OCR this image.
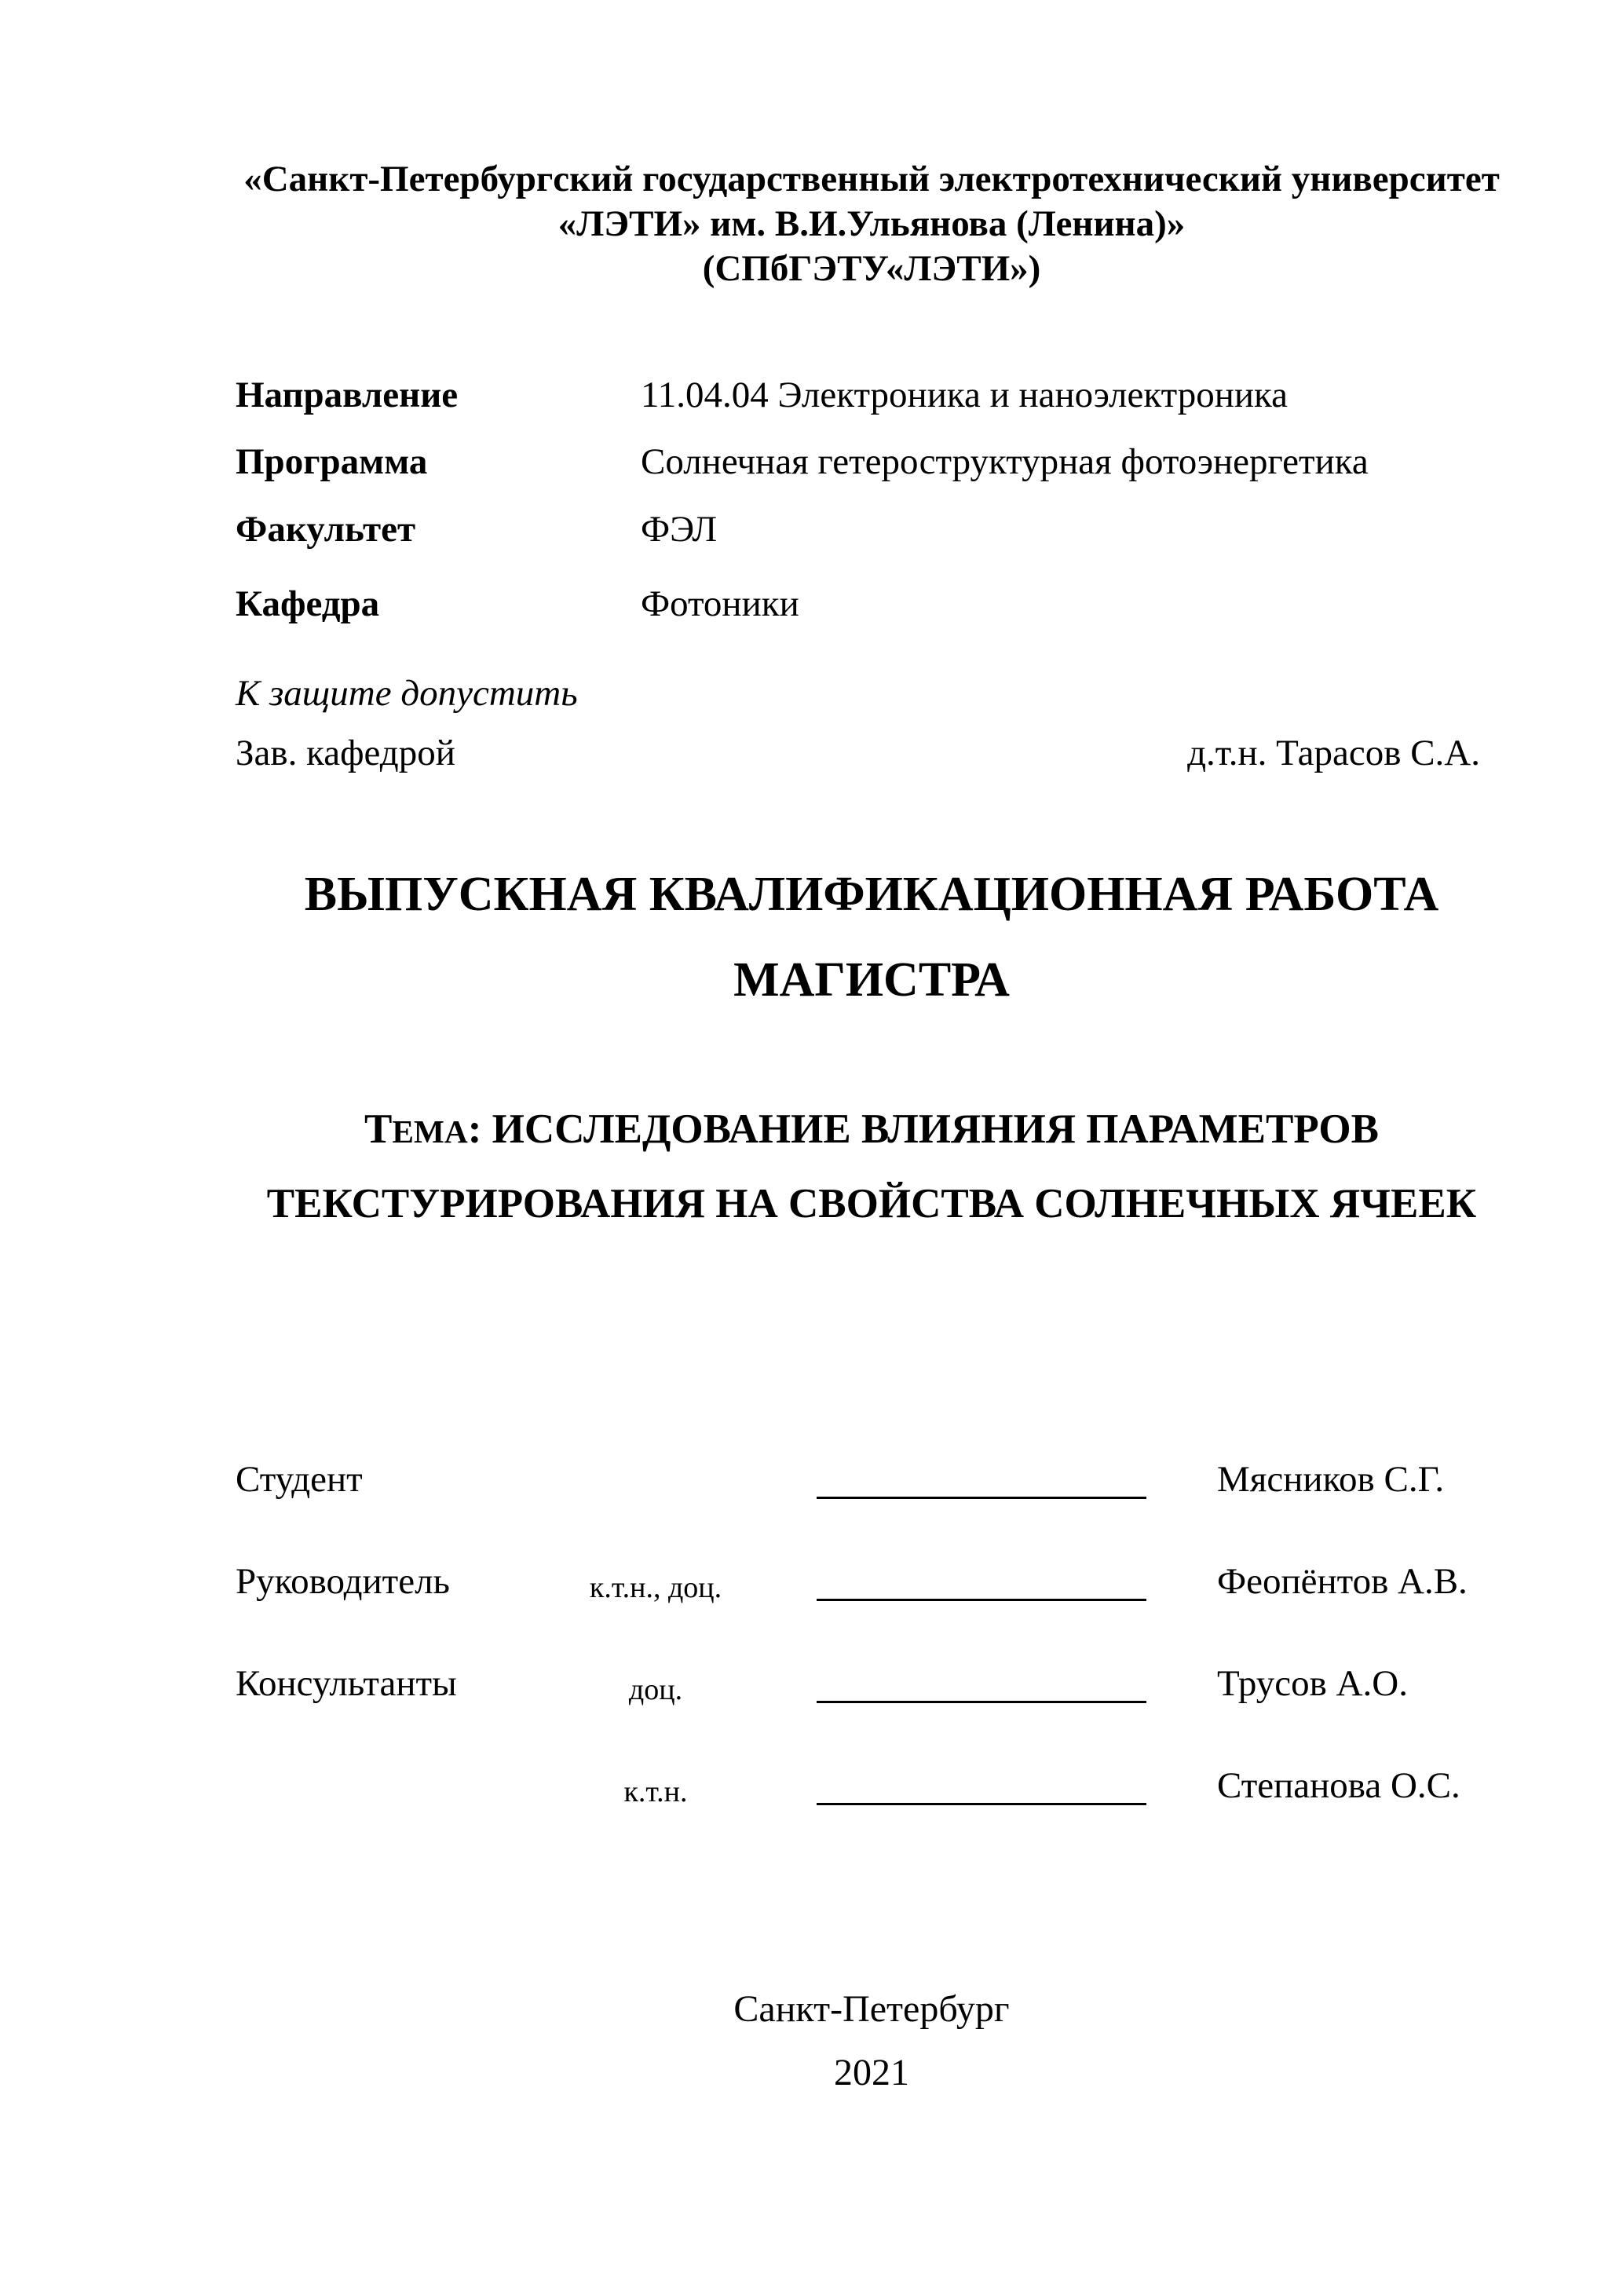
«Санкт-Петербургский государственный электротехнический университет
«ЛЭТИ» им. В.И.Ульянова (Ленина)»
(СПбГЭТУ«ЛЭТИ»)
Направление	11.04.04 Электроника и наноэлектроника
Программа	Солнечная гетероструктурная фотоэнергетика
Факультет	ФЭЛ
Кафедра	Фотоники
К защите допустить
Зав. кафедрой	д.т.н. Тарасов С.А.
ВЫПУСКНАЯ КВАЛИФИКАЦИОННАЯ РАБОТА
МАГИСТРА
ТЕМА: ИССЛЕДОВАНИЕ ВЛИЯНИЯ ПАРАМЕТРОВ
ТЕКСТУРИРОВАНИЯ НА СВОЙСТВА СОЛНЕЧНЫХ ЯЧЕЕК
Студент	Мясников С.Г.
Руководитель	к.т.н., доц.	Феопёнтов А.В.
Консультанты	доц.	Трусов А.О.
к.т.н.	Степанова О.С.
Санкт-Петербург
2021
